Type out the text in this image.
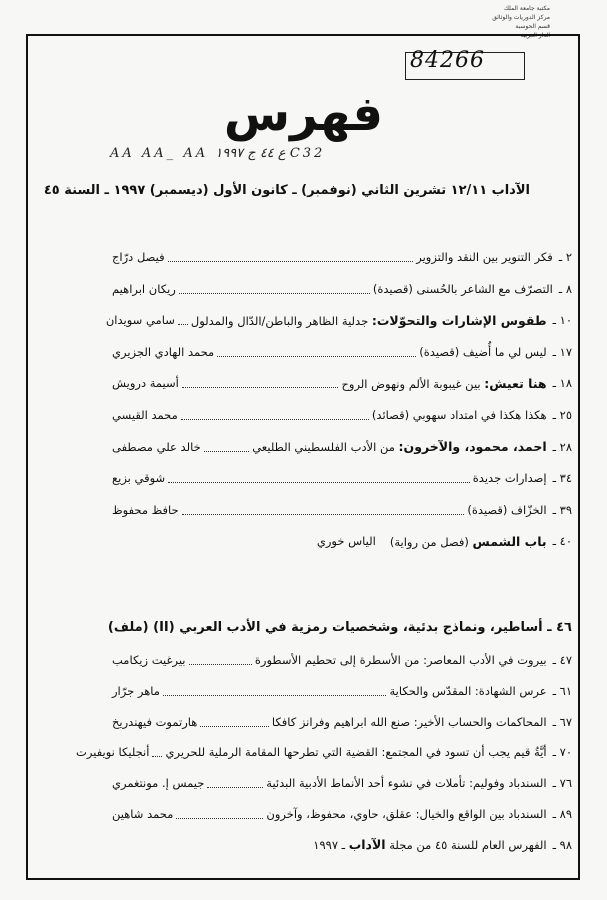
مكتبة جامعة الملك
مركز الدوريات والوثائق
قسم الحوسبة
الدار العربية
84266
فهرس
AA AA_ AA ع ٤٤ ج ١٩٩٧ C32
الآداب ١٢/١١ تشرين الثاني (نوفمبر) ـ كانون الأول (ديسمبر) ١٩٩٧ ـ السنة ٤٥
٢ ـ
فكر التنوير بين النقد والتزوير
فيصل درّاج
٨ ـ
التصرّف مع الشاعر بالحُسنى (قصيدة)
ريكان ابراهيم
١٠ ـ
طقوس الإشارات والتحوّلات: جدلية الظاهر والباطن/الدّال والمدلول
سامي سويدان
١٧ ـ
ليس لي ما أُضيف (قصيدة)
محمد الهادي الجزيري
١٨ ـ
هنا تعيش: بين غيبوبة الألم ونهوض الروح
أسيمة درويش
٢٥ ـ
هكذا هكذا في امتداد سهوبي (قصائد)
محمد القيسي
٢٨ ـ
احمد، محمود، والآخرون: من الأدب الفلسطيني الطليعي
خالد علي مصطفى
٣٤ ـ
إصدارات جديدة
شوقي بزيع
٣٩ ـ
الخزّاف (قصيدة)
حافظ محفوظ
٤٠ ـ
باب الشمس (فصل من رواية)
الياس خوري
٤٦ ـ أساطير، ونماذج بدئية، وشخصيات رمزية في الأدب العربي (II) (ملف)
٤٧ ـ
بيروت في الأدب المعاصر: من الأسطرة إلى تحطيم الأسطورة
بيرغيت زيكامب
٦١ ـ
عرس الشهادة: المقدّس والحكاية
ماهر جرّار
٦٧ ـ
المحاكمات والحساب الأخير: صنع الله ابراهيم وفرانز كافكا
هارتموت فيهندريخ
٧٠ ـ
أيَّةُ قيم يجب أن تسود في المجتمع: القضية التي تطرحها المقامة الرملية للحريري
أنجليكا نويفيرت
٧٦ ـ
السندباد وفوليم: تأملات في نشوء أحد الأنماط الأدبية البدئية
جيمس إ. مونتغمري
٨٩ ـ
السندباد بين الواقع والخيال: عقلق، حاوي، محفوظ، وآخرون
محمد شاهين
٩٨ ـ
الفهرس العام للسنة ٤٥ من مجلة الآداب ـ ١٩٩٧
